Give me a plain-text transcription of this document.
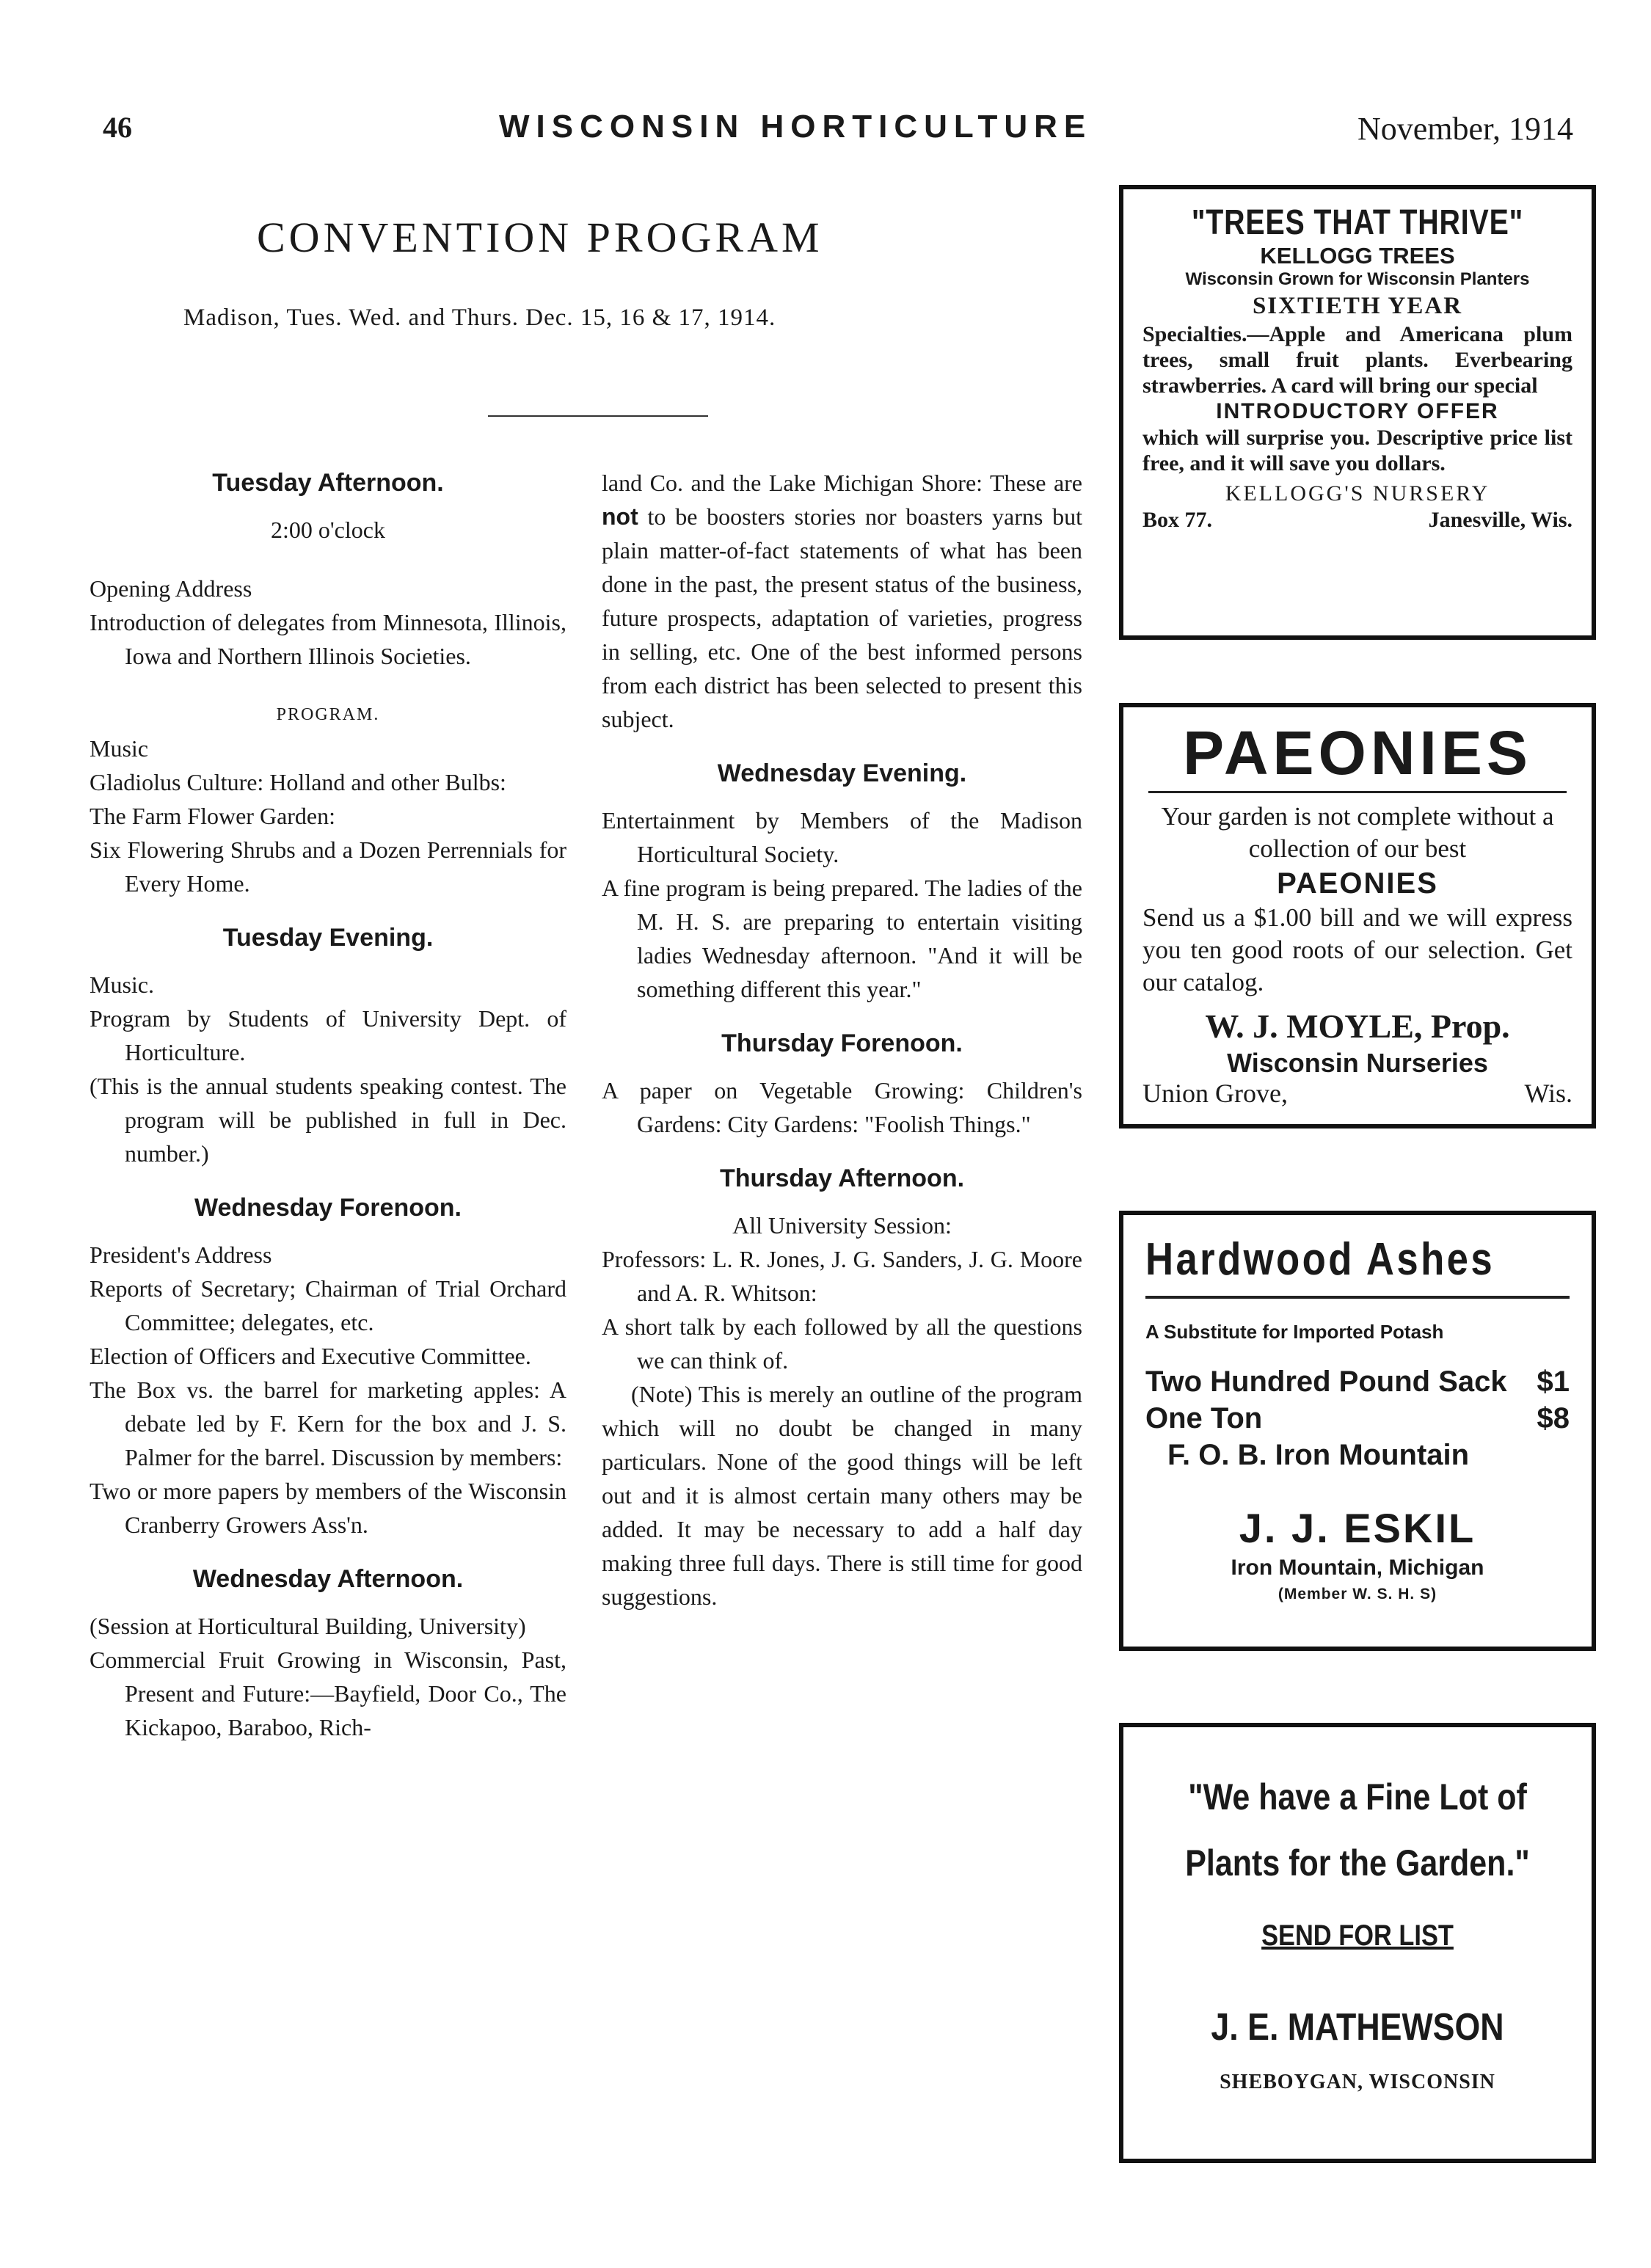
46	WISCONSIN HORTICULTURE	November, 1914
CONVENTION PROGRAM
Madison, Tues. Wed. and Thurs. Dec. 15, 16 & 17, 1914.
Tuesday Afternoon.
2:00 o'clock

Opening Address

Introduction of delegates from Minnesota, Illinois, Iowa and Northern Illinois Societies.

PROGRAM.

Music

Gladiolus Culture: Holland and other Bulbs:

The Farm Flower Garden:

Six Flowering Shrubs and a Dozen Perrennials for Every Home.

Tuesday Evening.

Music.

Program by Students of University Dept. of Horticulture.

(This is the annual students speaking contest. The program will be published in full in Dec. number.)

Wednesday Forenoon.

President's Address

Reports of Secretary; Chairman of Trial Orchard Committee; delegates, etc.

Election of Officers and Executive Committee.

The Box vs. the barrel for marketing apples: A debate led by F. Kern for the box and J. S. Palmer for the barrel. Discussion by members:

Two or more papers by members of the Wisconsin Cranberry Growers Ass'n.

Wednesday Afternoon.

(Session at Horticultural Building, University)

Commercial Fruit Growing in Wisconsin, Past, Present and Future:—Bayfield, Door Co., The Kickapoo, Baraboo, Rich-

land Co. and the Lake Michigan Shore: These are not to be boosters stories nor boasters yarns but plain matter-of-fact statements of what has been done in the past, the present status of the business, future prospects, adaptation of varieties, progress in selling, etc. One of the best informed persons from each district has been selected to present this subject.

Wednesday Evening.

Entertainment by Members of the Madison Horticultural Society.

A fine program is being prepared. The ladies of the M. H. S. are preparing to entertain visiting ladies Wednesday afternoon. "And it will be something different this year."

Thursday Forenoon.

A paper on Vegetable Growing: Children's Gardens: City Gardens: "Foolish Things."

Thursday Afternoon.
All University Session:

Professors: L. R. Jones, J. G. Sanders, J. G. Moore and A. R. Whitson:

A short talk by each followed by all the questions we can think of.

(Note) This is merely an outline of the program which will no doubt be changed in many particulars. None of the good things will be left out and it is almost certain many others may be added. It may be necessary to add a half day making three full days. There is still time for good suggestions.

"TREES THAT THRIVE"
KELLOGG TREES
Wisconsin Grown for Wisconsin Planters
SIXTIETH YEAR
Specialties.—Apple and Americana plum trees, small fruit plants. Everbearing strawberries. A card will bring our special
INTRODUCTORY OFFER
which will surprise you. Descriptive price list free, and it will save you dollars.
KELLOGG'S NURSERY
Box 77.	Janesville, Wis.
PAEONIES
Your garden is not complete without a collection of our best
PAEONIES
Send us a $1.00 bill and we will express you ten good roots of our selection. Get our catalog.
W. J. MOYLE, Prop.
Wisconsin Nurseries
Union Grove,	Wis.
Hardwood Ashes
A Substitute for Imported Potash
Two Hundred Pound Sack $1
One Ton	$8
F. O. B. Iron Mountain
J. J. ESKIL
Iron Mountain, Michigan
(Member W. S. H. S)
"We have a Fine Lot of
Plants for the Garden."
SEND FOR LIST
J. E. MATHEWSON
SHEBOYGAN, WISCONSIN
